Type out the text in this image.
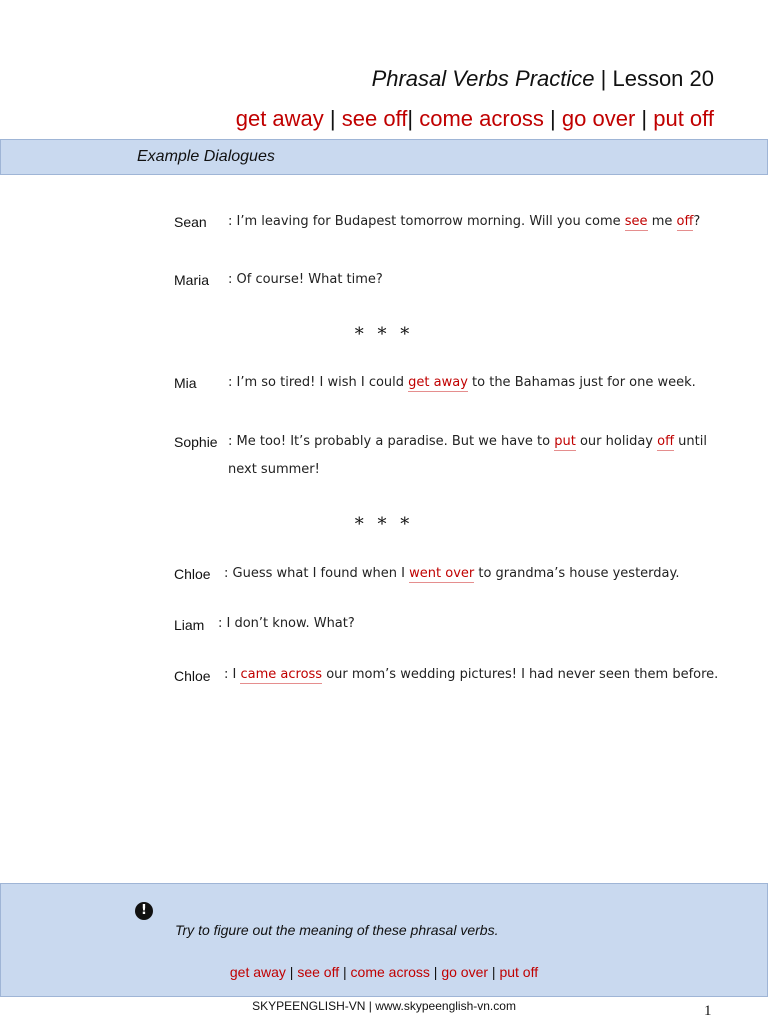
Phrasal Verbs Practice | Lesson 20
get away | see off| come across | go over | put off
Example Dialogues
Sean : I’m leaving for Budapest tomorrow morning. Will you come see me off?
Maria : Of course! What time?
* * *
Mia : I’m so tired! I wish I could get away to the Bahamas just for one week.
Sophie : Me too! It’s probably a paradise. But we have to put our holiday off until
next summer!
* * *
Chloe : Guess what I found when I went over to grandma’s house yesterday.
Liam : I don’t know. What?
Chloe : I came across our mom’s wedding pictures! I had never seen them before.
!
Try to figure out the meaning of these phrasal verbs.
get away | see off | come across | go over | put off
SKYPEENGLISH-VN | www.skypeenglish-vn.com	1
